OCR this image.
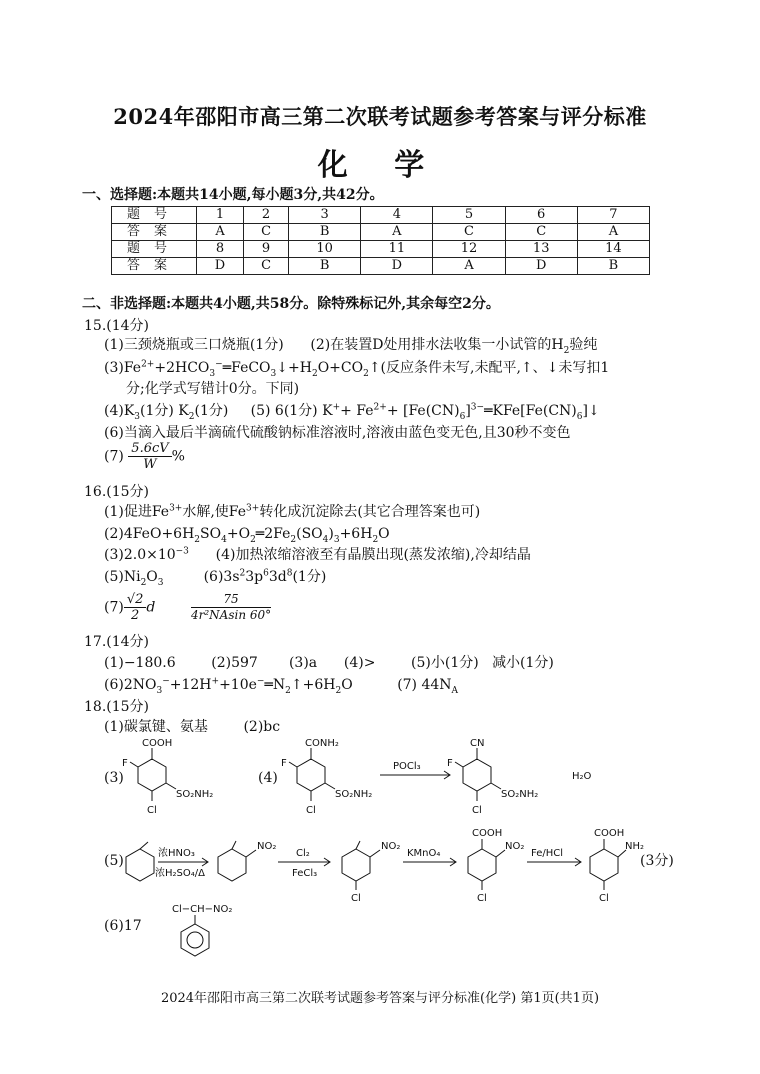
2024年邵阳市高三第二次联考试题参考答案与评分标准
化 学
一、选择题:本题共14小题,每小题3分,共42分。
题号	1	2	3	4	5	6	7
答案	A	C	B	A	C	C	A
题号	8	9	10	11	12	13	14
答案	D	C	B	D	A	D	B
二、非选择题:本题共4小题,共58分。除特殊标记外,其余每空2分。
15.(14分)
(1)三颈烧瓶或三口烧瓶(1分) (2)在装置D处用排水法收集一小试管的$H_2$验纯
$(3)Fe^{2+}+2HCO_3^-═FeCO_3↓+H_2O+CO_2↑$(反应条件未写,未配平,↑、↓未写扣1
分;化学式写错计0分。下同)
$(4)K_3(1$分) $K_2(1$分) (5) 6(1分) $K^++ Fe^{2+}+$ $[Fe(CN)_6]^{3-}═KFe[Fe(CN)_6]↓$
(6)当滴入最后半滴硫代硫酸钠标准溶液时,溶液由蓝色变无色,且30秒不变色
$(7) \frac{5.6cV}{W}$ %
16.(15分)
(1)促进$Fe^{3+}$水解,使$Fe^{3+}$转化成沉淀除去(其它合理答案也可)
$(2)4FeO+6H_2SO_4+O_2═2Fe_2(SO_4)_3+6H_2O$
$(3)2.0\times 10^{-3}$ (4)加热浓缩溶液至有晶膜出现(蒸发浓缩),冷却结晶
$(5)Ni_2O_3$	$(6)3s^23p^63d^8(1$分)
$(7) \frac{√2}{2}$ d	$\frac{75}{\text{4r²NAsin 60°}}$
17.(14分)
(1)−180.6	(2)597 (3)a (4)>	(5)小(1分) 减小(1分)
$(6)2NO_3^-+12H^++10e^-═N_2↑+6H_2O$	(7) $44N_A$
18.(15分)
(1)碳氯键、氨基	(2)bc
(3)	(4)
(5)	(3分)
(6)17
COOH
F
SO₂NH₂
Cl
CONH₂
F
SO₂NH₂
Cl
POCl₃
CN
F
SO₂NH₂
Cl
H₂O
浓HNO₃
浓H₂SO₄/Δ
NO₂
Cl₂
FeCl₃
NO₂
Cl
KMnO₄
COOH
NO₂
Cl
Fe/HCl
COOH
NH₂
Cl
Cl−CH−NO₂
2024年邵阳市高三第二次联考试题参考答案与评分标准(化学) 第1页(共1页)
